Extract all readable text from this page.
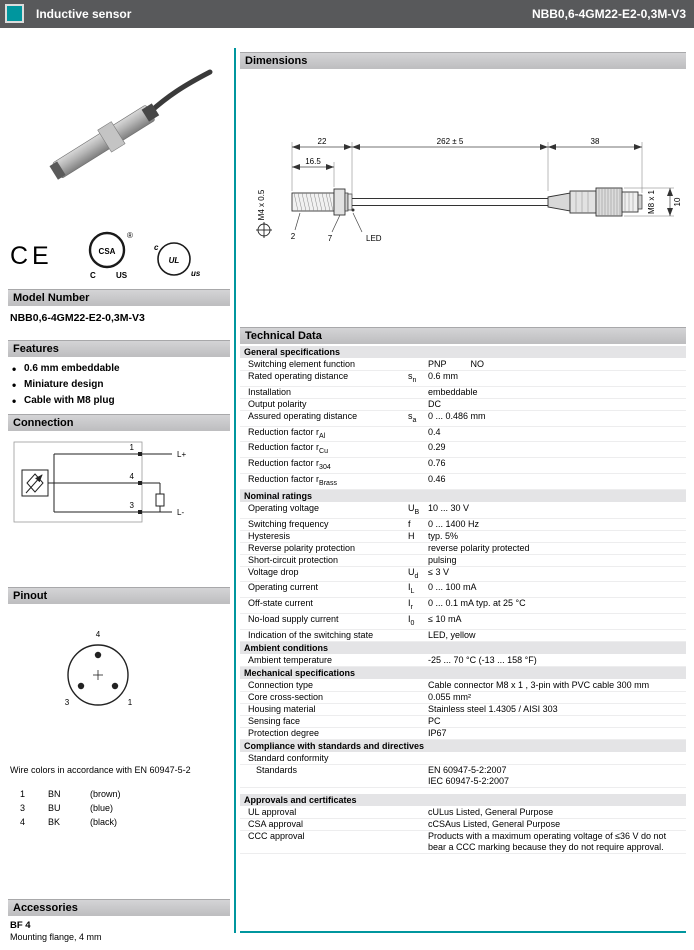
Inductive sensor	NBB0,6-4GM22-E2-0,3M-V3
CE	CSA
®
C	US
UL
c
us
Model Number
NBB0,6-4GM22-E2-0,3M-V3
Features
• 0.6 mm embeddable
• Miniature design
• Cable with M8 plug
Connection
1
4
3
L+
L-
Pinout
4
3	1
Wire colors in accordance with EN 60947-5-2
1	BN	(brown)
3	BU	(blue)
4	BK	(black)
Accessories
BF 4
Mounting flange, 4 mm
Dimensions
22	262 ± 5	38
16.5
M4 x 0.5	M8 x 1 10
2	7	LED
Technical Data
General specifications
Switching element function	PNP	NO
Rated operating distance	$s_n$	0.6 mm
Installation	embeddable
Output polarity	DC
Assured operating distance	$s_a$	0 ... 0.486 mm
Reduction factor $r_{Al}$	0.4
Reduction factor $r_{Cu}$	0.29
Reduction factor $r_{304}$	0.76
Reduction factor $r_{Brass}$	0.46
Nominal ratings
Operating voltage	$U_B$ 10 ... 30 V
Switching frequency	f	0 ... 1400 Hz
Hysteresis	H	typ. 5%
Reverse polarity protection	reverse polarity protected
Short-circuit protection	pulsing
Voltage drop	$U_d$	≤ 3 V
Operating current	$I_L$	0 ... 100 mA
Off-state current	$I_r$	0 ... 0.1 mA typ. at 25 °C
No-load supply current	$I_0$	≤ 10 mA
Indication of the switching state	LED, yellow
Ambient conditions
Ambient temperature	-25 ... 70 °C (-13 ... 158 °F)
Mechanical specifications
Connection type	Cable connector M8 x 1 , 3-pin with PVC cable 300 mm
Core cross-section	0.055 mm²
Housing material	Stainless steel 1.4305 / AISI 303
Sensing face	PC
Protection degree	IP67
Compliance with standards and directives
Standard conformity
Standards	EN 60947-5-2:2007
IEC 60947-5-2:2007
Approvals and certificates
UL approval	cULus Listed, General Purpose
CSA approval	cCSAus Listed, General Purpose
CCC approval	Products with a maximum operating voltage of ≤36 V do not bear a CCC marking because they do not require approval.
